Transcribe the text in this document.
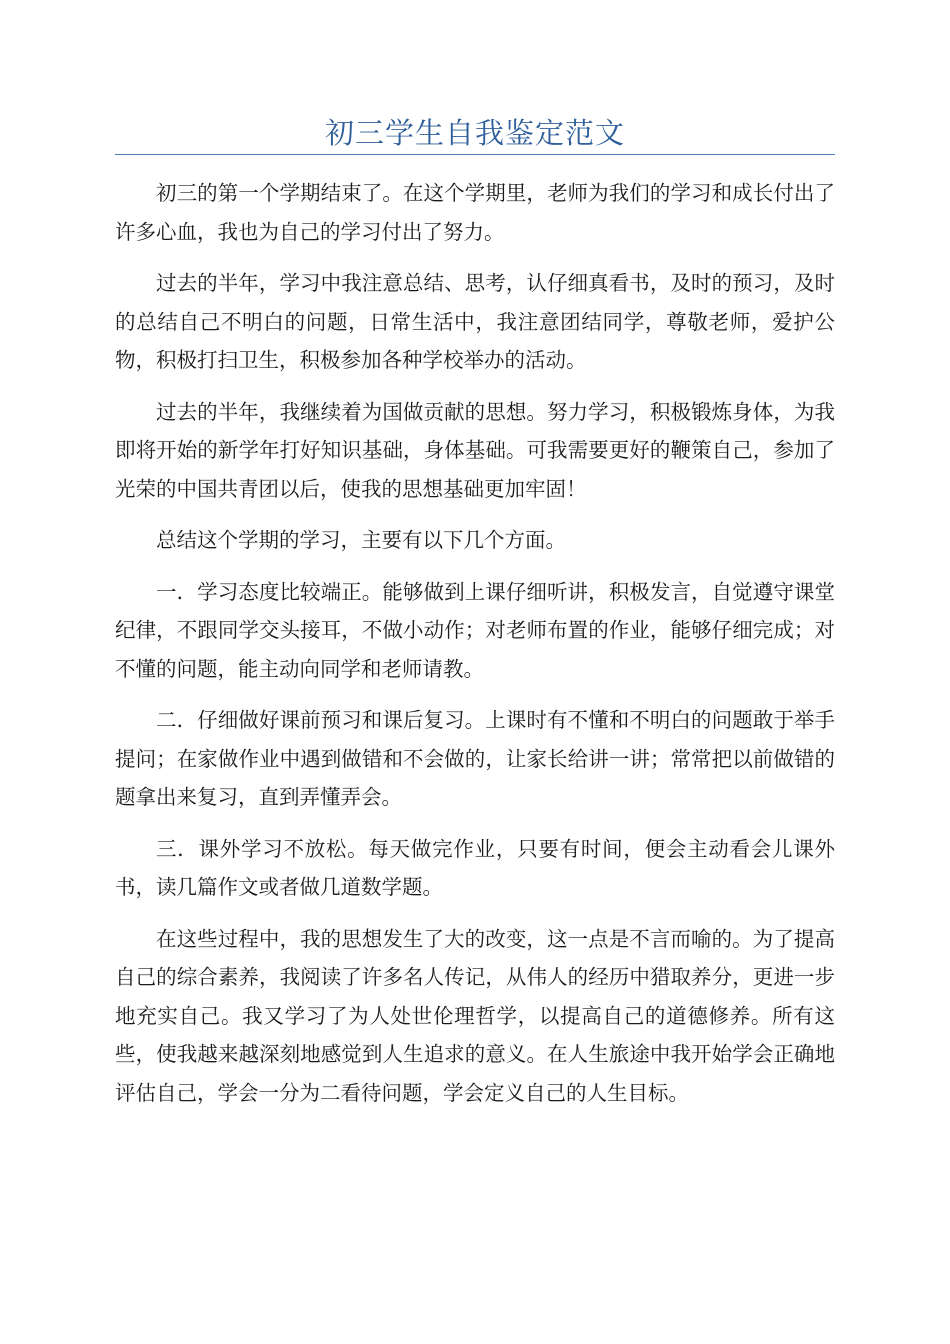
初三学生自我鉴定范文

初三的第一个学期结束了。在这个学期里，老师为我们的学习和成长付出了许多心血，我也为自己的学习付出了努力。

过去的半年，学习中我注意总结、思考，认仔细真看书，及时的预习，及时的总结自己不明白的问题，日常生活中，我注意团结同学，尊敬老师，爱护公物，积极打扫卫生，积极参加各种学校举办的活动。

过去的半年，我继续着为国做贡献的思想。努力学习，积极锻炼身体，为我即将开始的新学年打好知识基础，身体基础。可我需要更好的鞭策自己，参加了光荣的中国共青团以后，使我的思想基础更加牢固！

总结这个学期的学习，主要有以下几个方面。

一．学习态度比较端正。能够做到上课仔细听讲，积极发言，自觉遵守课堂纪律，不跟同学交头接耳，不做小动作；对老师布置的作业，能够仔细完成；对不懂的问题，能主动向同学和老师请教。

二．仔细做好课前预习和课后复习。上课时有不懂和不明白的问题敢于举手提问；在家做作业中遇到做错和不会做的，让家长给讲一讲；常常把以前做错的题拿出来复习，直到弄懂弄会。

三．课外学习不放松。每天做完作业，只要有时间，便会主动看会儿课外书，读几篇作文或者做几道数学题。

在这些过程中，我的思想发生了大的改变，这一点是不言而喻的。为了提高自己的综合素养，我阅读了许多名人传记，从伟人的经历中猎取养分，更进一步地充实自己。我又学习了为人处世伦理哲学，以提高自己的道德修养。所有这些，使我越来越深刻地感觉到人生追求的意义。在人生旅途中我开始学会正确地评估自己，学会一分为二看待问题，学会定义自己的人生目标。
